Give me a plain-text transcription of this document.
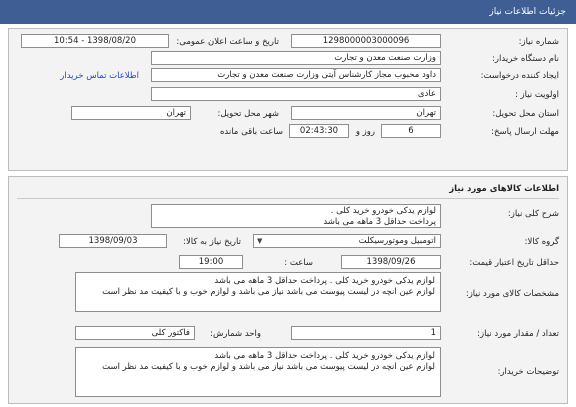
جزئیات اطلاعات نیاز
شماره نیاز:
1298000003000096
تاریخ و ساعت اعلان عمومی:
1398/08/20 - 10:54
نام دستگاه خریدار:
وزارت صنعت معدن و تجارت
ایجاد کننده درخواست:
داود محبوب مجاز کارشناس آیتی وزارت صنعت معدن و تجارت
اطلاعات تماس خریدار
اولویت نیاز :
عادی
استان محل تحویل:
تهران
شهر محل تحویل:
تهران
مهلت ارسال پاسخ:
6
روز و
02:43:30
ساعت باقی مانده
اطلاعات کالاهای مورد نیاز
شرح کلی نیاز:
لوازم یدکی خودرو خرید کلی .
پرداخت حداقل 3 ماهه می باشد
گروه کالا:
اتومبیل وموتورسیکلت
▼
تاریخ نیاز به کالا:
1398/09/03
حداقل تاریخ اعتبار قیمت:
1398/09/26
ساعت :
19:00
مشخصات کالای مورد نیاز:
لوازم یدکی خودرو خرید کلی . پرداخت حداقل 3 ماهه می باشد
لوازم عین انچه در لیست پیوست می باشد نیاز می باشد و لوازم خوب و با کیفیت مد نظر است
تعداد / مقدار مورد نیاز:
1
واحد شمارش:
فاکتور کلی
توضیحات خریدار:
لوازم یدکی خودرو خرید کلی . پرداخت حداقل 3 ماهه می باشد
لوازم عین انچه در لیست پیوست می باشد نیاز می باشد و لوازم خوب و با کیفیت مد نظر است
